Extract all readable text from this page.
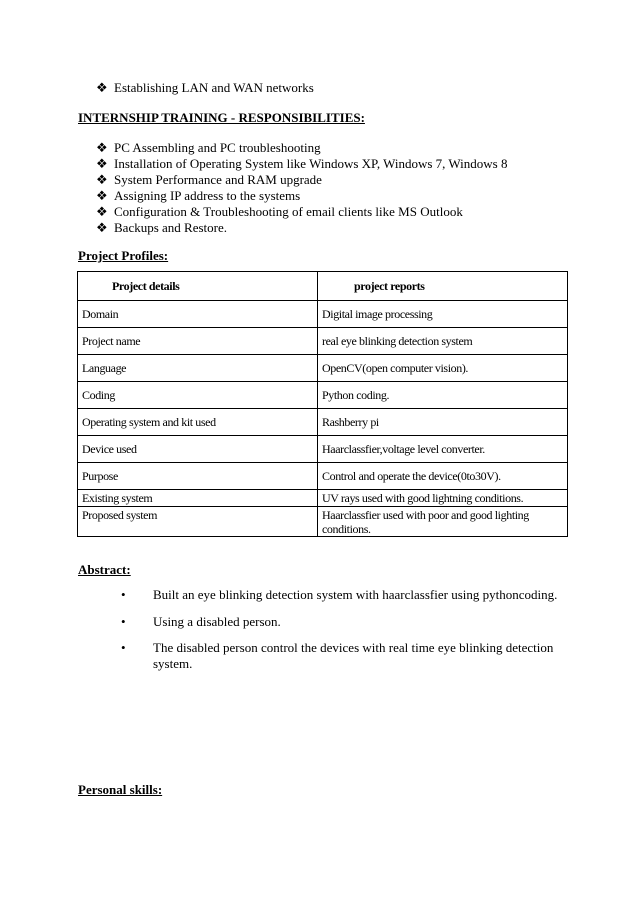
❖ Establishing LAN and WAN networks
INTERNSHIP TRAINING - RESPONSIBILITIES:
❖ PC Assembling and PC troubleshooting
❖ Installation of Operating System like Windows XP, Windows 7, Windows 8
❖ System Performance and RAM upgrade
❖ Assigning IP address to the systems
❖ Configuration & Troubleshooting of email clients like MS Outlook
❖ Backups and Restore.
Project Profiles:
Project details	project reports
Domain	Digital image processing
Project name	real eye blinking detection system
Language	OpenCV(open computer vision).
Coding	Python coding.
Operating system and kit used	Rashberry pi
Device used	Haarclassfier,voltage level converter.
Purpose	Control and operate the device(0to30V).
Existing system	UV rays used with good lightning conditions.
Proposed system	Haarclassfier used with poor and good lighting conditions.
Abstract:
• Built an eye blinking detection system with haarclassfier using pythoncoding.
• Using a disabled person.
• The disabled person control the devices with real time eye blinking detection system.
Personal skills:
